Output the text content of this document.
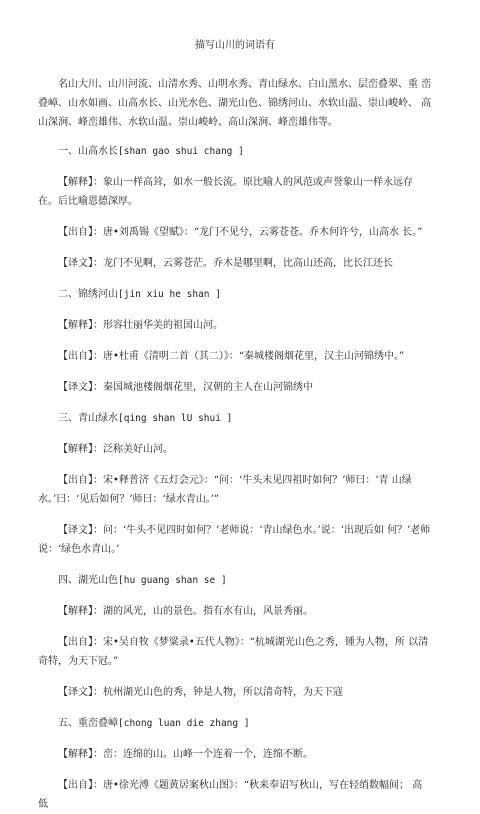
描写山川的词语有

名山大川、山川河流、山清水秀、山明水秀、青山绿水、白山黑水、层峦叠翠、重 峦叠嶂、山水如画、山高水长、山光水色、湖光山色、锦绣河山、水软山温、崇山峻岭、 高山深涧、峰峦雄伟、水软山温、崇山峻岭、高山深涧、峰峦雄伟等。

一、山高水长[shan gao shui chang ]

【解释】：象山一样高耸，如水一般长流。原比喻人的风范或声誉象山一样永远存 在。后比喻恩德深厚。

【出自】：唐•刘禹锡《望赋》：“龙门不见兮，云雾苍苍。乔木何许兮，山高水 长。”

【译文】：龙门不见啊，云雾苍茫。乔木是哪里啊，比高山还高，比长江还长

二、锦绣河山[jin xiu he shan ]

【解释】：形容壮丽华美的祖国山河。

【出自】：唐•杜甫《清明二首（其二）》：“秦城楼阁烟花里，汉主山河锦绣中。”

【译文】：秦国城池楼阁烟花里，汉朝的主人在山河锦绣中

三、青山绿水[qing shan lU shui ]

【解释】：泛称美好山河。

【出自】：宋•释普济《五灯会元》：“问：‘牛头未见四祖时如何？’师曰：‘青 山绿水。’曰：‘见后如何？’师曰：‘绿水青山。’”

【译文】：问：‘牛头不见四时如何？’老师说：‘青山绿色水。’说：‘出现后如 何？’老师说：‘绿色水青山。’

四、湖光山色[hu guang shan se ]

【解释】：湖的风光，山的景色。指有水有山，风景秀丽。

【出自】：宋•吴自牧《梦粱录•五代人物》：“杭城湖光山色之秀，锺为人物，所 以清奇特，为天下冠。”

【译文】：杭州湖光山色的秀，钟是人物，所以清奇特，为天下寇

五、重峦叠嶂[chong luan die zhang ]

【解释】：峦：连绵的山。山峰一个连着一个，连绵不断。

【出自】：唐•徐光溥《题黄居案秋山图》：“秋来奉诏写秋山，写在轻绡数幅间； 高低
